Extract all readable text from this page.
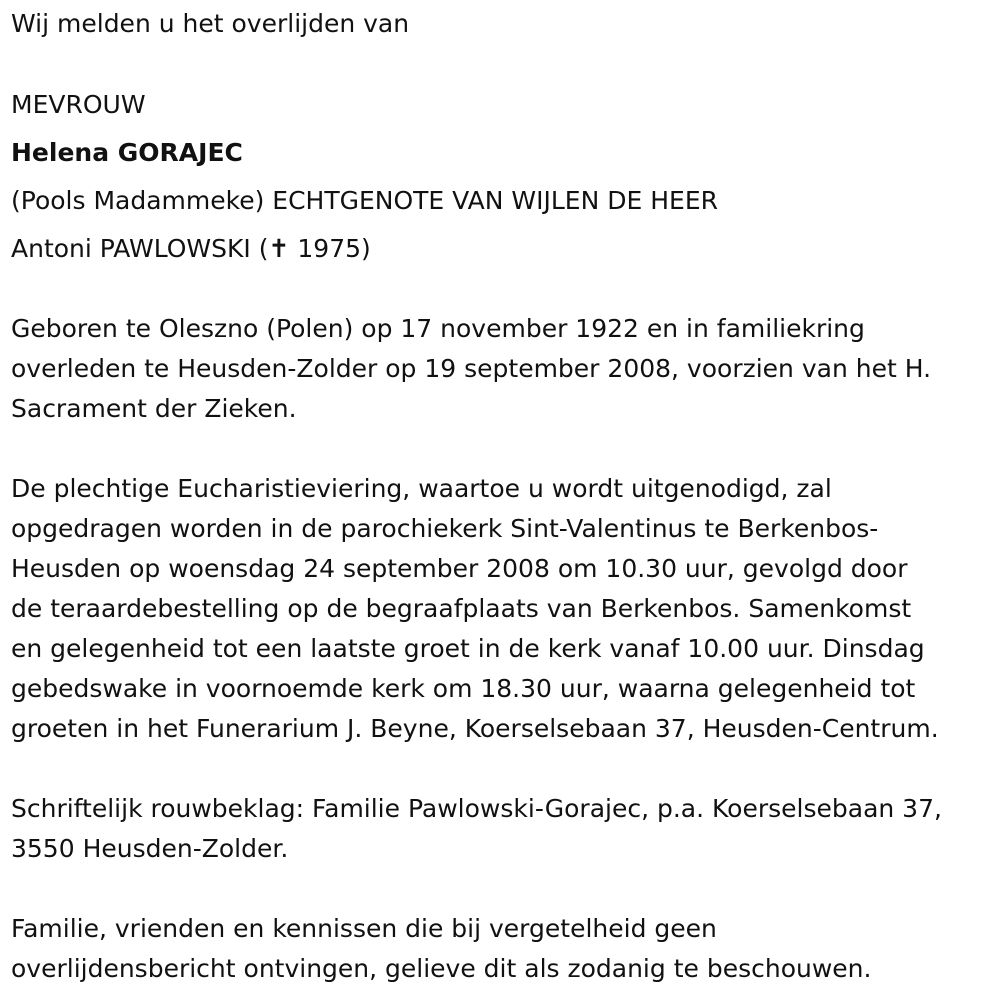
Wij melden u het overlijden van

MEVROUW

Helena GORAJEC

(Pools Madammeke) ECHTGENOTE VAN WIJLEN DE HEER

Antoni PAWLOWSKI (✝ 1975)

Geboren te Oleszno (Polen) op 17 november 1922 en in familiekring
overleden te Heusden-Zolder op 19 september 2008, voorzien van het H.
Sacrament der Zieken.

De plechtige Eucharistieviering, waartoe u wordt uitgenodigd, zal
opgedragen worden in de parochiekerk Sint-Valentinus te Berkenbos-
Heusden op woensdag 24 september 2008 om 10.30 uur, gevolgd door
de teraardebestelling op de begraafplaats van Berkenbos. Samenkomst
en gelegenheid tot een laatste groet in de kerk vanaf 10.00 uur. Dinsdag
gebedswake in voornoemde kerk om 18.30 uur, waarna gelegenheid tot
groeten in het Funerarium J. Beyne, Koerselsebaan 37, Heusden-Centrum.

Schriftelijk rouwbeklag: Familie Pawlowski-Gorajec, p.a. Koerselsebaan 37,
3550 Heusden-Zolder.

Familie, vrienden en kennissen die bij vergetelheid geen
overlijdensbericht ontvingen, gelieve dit als zodanig te beschouwen.
